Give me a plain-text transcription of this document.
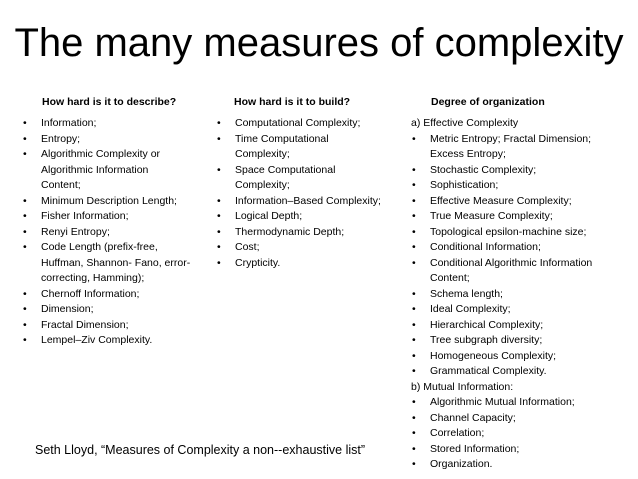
The many measures of complexity
How hard is it to describe?	How hard is it to build?	Degree of organization
• Information;
• Entropy;
• Algorithmic Complexity or
Algorithmic Information
Content;
• Minimum Description Length;
• Fisher Information;
• Renyi Entropy;
• Code Length (prefix-free,
Huffman, Shannon- Fano, error-
correcting, Hamming);
• Chernoff Information;
• Dimension;
• Fractal Dimension;
• Lempel–Ziv Complexity.
• Computational Complexity;
• Time Computational
Complexity;
• Space Computational
Complexity;
• Information–Based Complexity;
• Logical Depth;
• Thermodynamic Depth;
• Cost;
• Crypticity.
a) Effective Complexity
• Metric Entropy; Fractal Dimension;
Excess Entropy;
• Stochastic Complexity;
• Sophistication;
• Effective Measure Complexity;
• True Measure Complexity;
• Topological epsilon-machine size;
• Conditional Information;
• Conditional Algorithmic Information
Content;
• Schema length;
• Ideal Complexity;
• Hierarchical Complexity;
• Tree subgraph diversity;
• Homogeneous Complexity;
• Grammatical Complexity.
b) Mutual Information:
• Algorithmic Mutual Information;
• Channel Capacity;
• Correlation;
• Stored Information;
• Organization.
Seth Lloyd, “Measures of Complexity a non--exhaustive list”
